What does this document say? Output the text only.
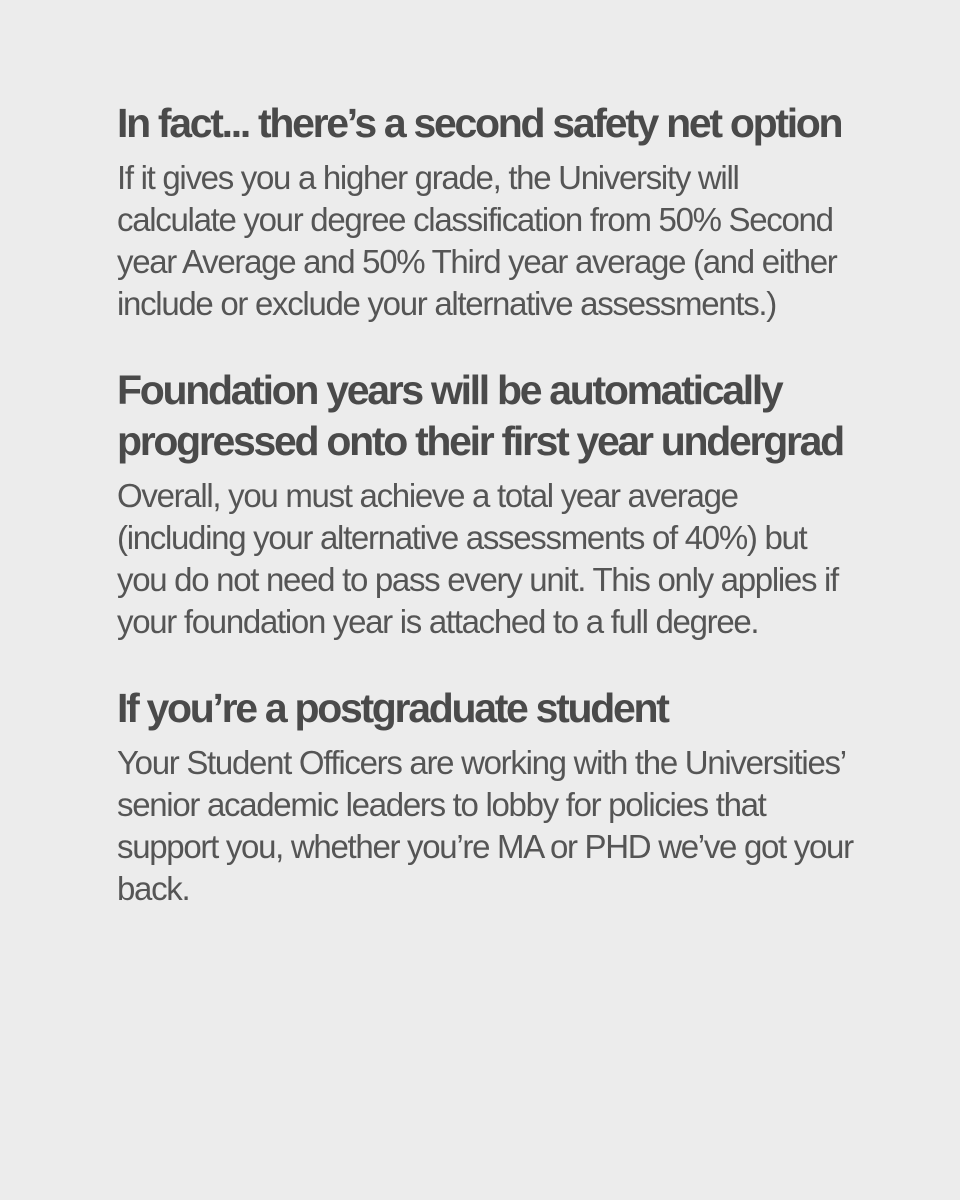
In fact... there’s a second safety net option

If it gives you a higher grade, the University will calculate your degree classification from 50% Second year Average and 50% Third year average (and either include or exclude your alternative assessments.)

Foundation years will be automatically progressed onto their first year undergrad

Overall, you must achieve a total year average (including your alternative assessments of 40%) but you do not need to pass every unit. This only applies if your foundation year is attached to a full degree.

If you’re a postgraduate student

Your Student Officers are working with the Universities’ senior academic leaders to lobby for policies that support you, whether you’re MA or PHD we’ve got your back.
